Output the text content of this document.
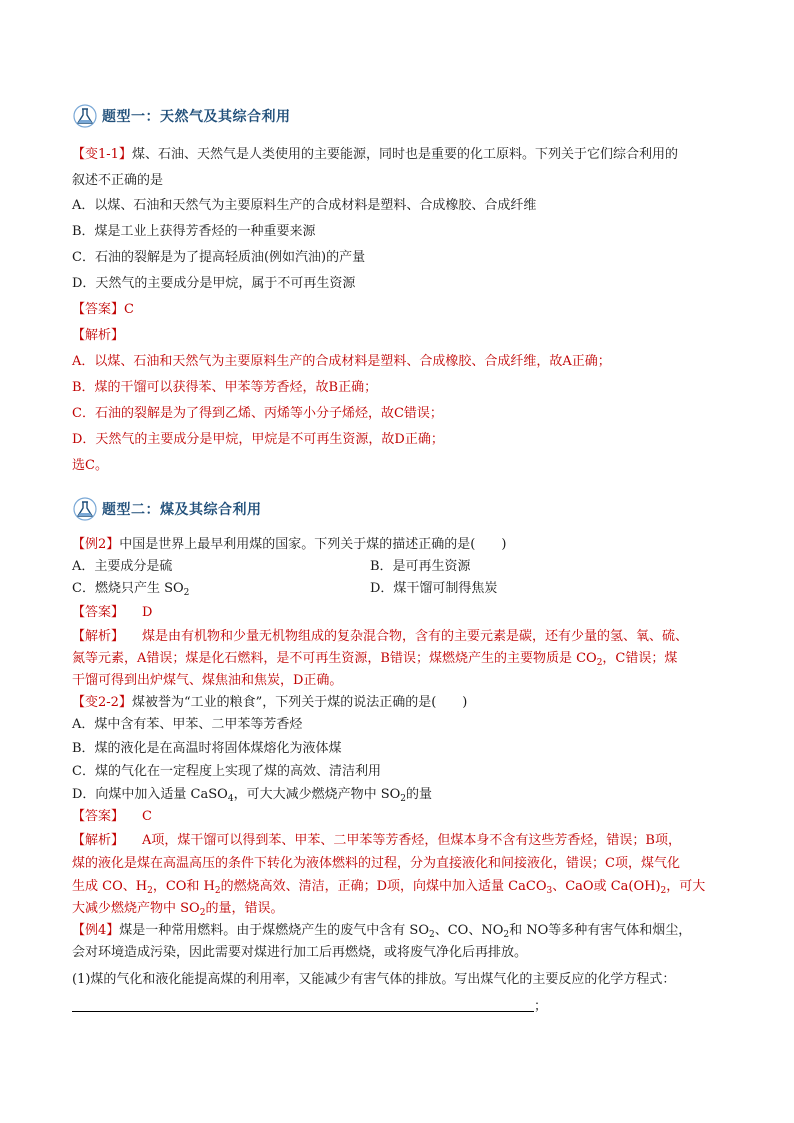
题型一：天然气及其综合利用
【变1-1】煤、石油、天然气是人类使用的主要能源，同时也是重要的化工原料。下列关于它们综合利用的
叙述不正确的是
A．以煤、石油和天然气为主要原料生产的合成材料是塑料、合成橡胶、合成纤维
B．煤是工业上获得芳香烃的一种重要来源
C．石油的裂解是为了提高轻质油(例如汽油)的产量
D．天然气的主要成分是甲烷，属于不可再生资源
【答案】C
【解析】
A．以煤、石油和天然气为主要原料生产的合成材料是塑料、合成橡胶、合成纤维，故A正确；
B．煤的干馏可以获得苯、甲苯等芳香烃，故B正确；
C．石油的裂解是为了得到乙烯、丙烯等小分子烯烃，故C错误；
D．天然气的主要成分是甲烷，甲烷是不可再生资源，故D正确；
选C。
题型二：煤及其综合利用
【例2】中国是世界上最早利用煤的国家。下列关于煤的描述正确的是(　　)
A．主要成分是硫	B．是可再生资源
C．燃烧只产生 $SO_2$	D．煤干馏可制得焦炭
【答案】 D
【解析】 煤是由有机物和少量无机物组成的复杂混合物，含有的主要元素是碳，还有少量的氢、氧、硫、
氮等元素，A错误；煤是化石燃料，是不可再生资源，B错误；煤燃烧产生的主要物质是 $CO_2$，C错误；煤
干馏可得到出炉煤气、煤焦油和焦炭，D正确。
【变2-2】煤被誉为“工业的粮食”，下列关于煤的说法正确的是(　　)
A．煤中含有苯、甲苯、二甲苯等芳香烃
B．煤的液化是在高温时将固体煤熔化为液体煤
C．煤的气化在一定程度上实现了煤的高效、清洁利用
D．向煤中加入适量 CaSO$_4$，可大大减少燃烧产物中 $SO_2$的量
【答案】 C
【解析】 A项，煤干馏可以得到苯、甲苯、二甲苯等芳香烃，但煤本身不含有这些芳香烃，错误；B项，
煤的液化是煤在高温高压的条件下转化为液体燃料的过程，分为直接液化和间接液化，错误；C项，煤气化
生成 CO、$H_2$，CO和 $H_2$的燃烧高效、清洁，正确；D项，向煤中加入适量 CaCO$_3$、CaO或 $Ca(OH)_2$，可大
大减少燃烧产物中 $SO_2$的量，错误。
【例4】煤是一种常用燃料。由于煤燃烧产生的废气中含有 $SO_2$、CO、$NO_2$和 NO等多种有害气体和烟尘，
会对环境造成污染，因此需要对煤进行加工后再燃烧，或将废气净化后再排放。
(1)煤的气化和液化能提高煤的利用率，又能减少有害气体的排放。写出煤气化的主要反应的化学方程式：
；
